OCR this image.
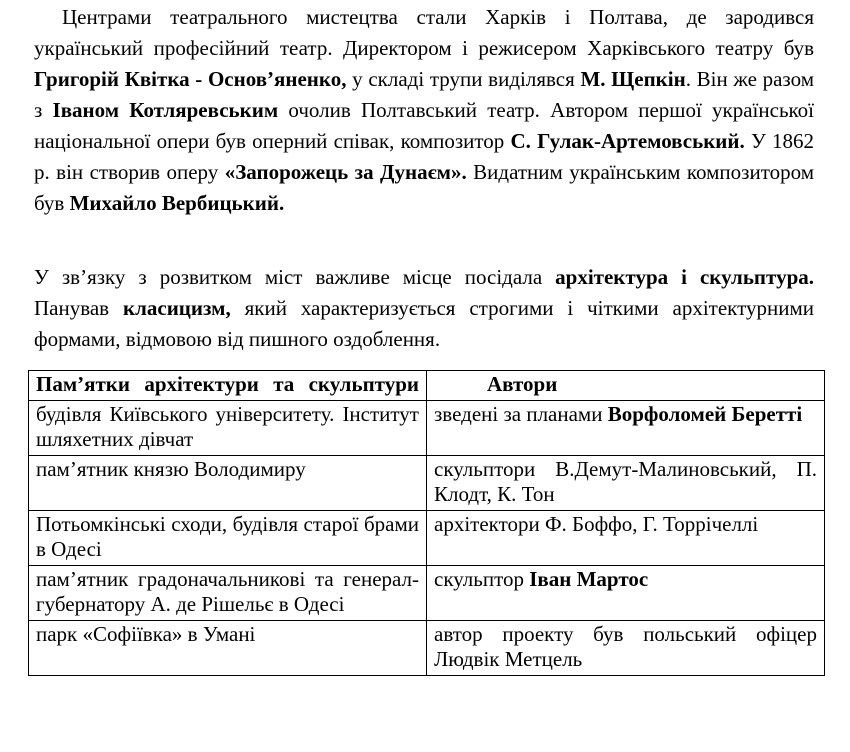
Центрами театрального мистецтва стали Харків і Полтава, де зародився український професійний театр. Директором і режисером Харківського театру був Григорій Квітка - Основ’яненко, у складі трупи виділявся М. Щепкін. Він же разом з Іваном Котляревським очолив Полтавський театр. Автором першої української національної опери був оперний співак, композитор С. Гулак-Артемовський. У 1862 р. він створив оперу «Запорожець за Дунаєм». Видатним українським композитором був Михайло Вербицький.

У зв’язку з розвитком міст важливе місце посідала архітектура і скульптура. Панував класицизм, який характеризується строгими і чіткими архітектурними формами, відмовою від пишного оздоблення.

Пам’ятки архітектури та скульптури	Автори
будівля Київського університету. Інститут шляхетних дівчат	зведені за планами Ворфоломей Беретті
пам’ятник князю Володимиру	скульптори В.Демут-Малиновський, П. Клодт, К. Тон
Потьомкінські сходи, будівля старої брами в Одесі	архітектори Ф. Боффо, Г. Торрічеллі
пам’ятник градоначальникові та генерал-губернатору А. де Рішельє в Одесі	скульптор Іван Мартос
парк «Софіївка» в Умані	автор проекту був польський офіцер Людвік Метцель
